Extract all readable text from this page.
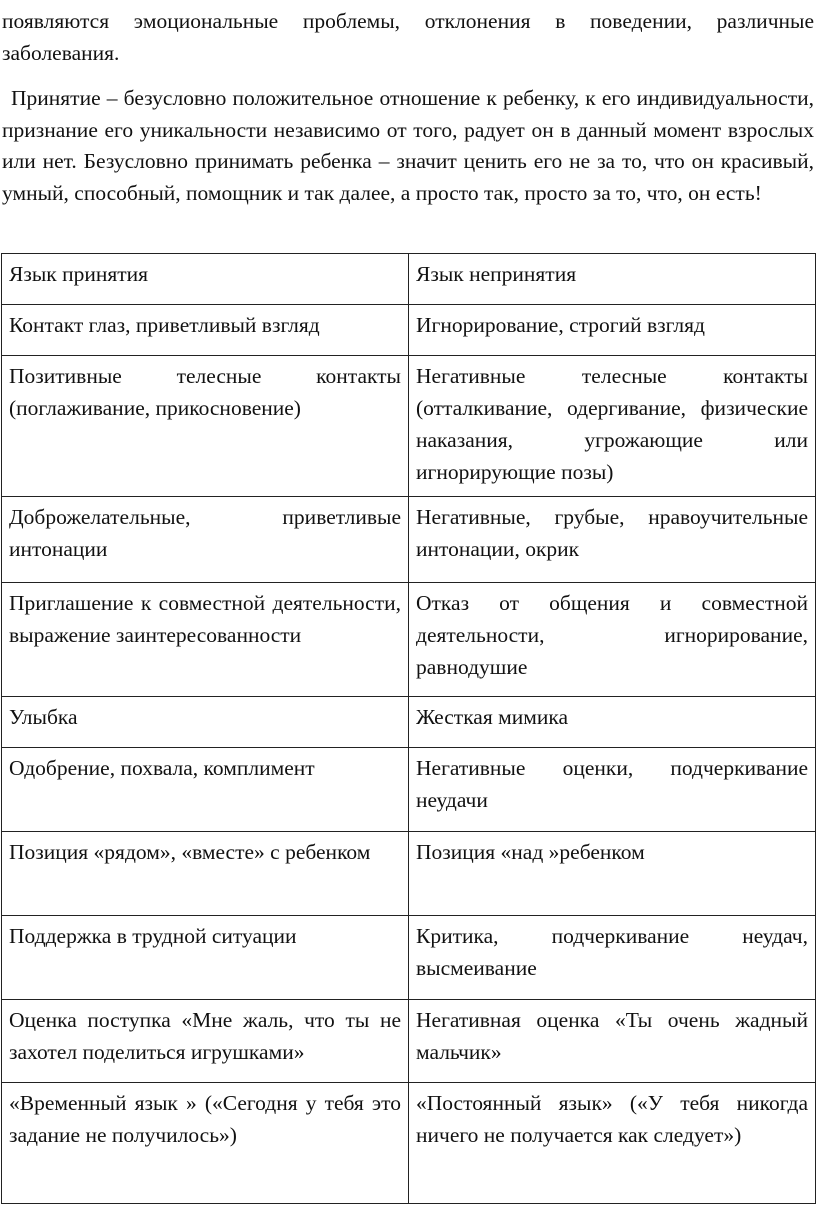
появляются эмоциональные проблемы, отклонения в поведении, различные заболевания.

Принятие – безусловно положительное отношение к ребенку, к его индивидуальности, признание его уникальности независимо от того, радует он в данный момент взрослых или нет. Безусловно принимать ребенка – значит ценить его не за то, что он красивый, умный, способный, помощник и так далее, а просто так, просто за то, что, он есть!

Язык принятия	Язык непринятия
Контакт глаз, приветливый взгляд	Игнорирование, строгий взгляд
Позитивные телесные контакты (поглаживание, прикосновение)	Негативные телесные контакты (отталкивание, одергивание, физические наказания, угрожающие или игнорирующие позы)
Доброжелательные, приветливые интонации	Негативные, грубые, нравоучительные интонации, окрик
Приглашение к совместной деятельности, выражение заинтересованности	Отказ от общения и совместной деятельности, игнорирование, равнодушие
Улыбка	Жесткая мимика
Одобрение, похвала, комплимент	Негативные оценки, подчеркивание неудачи
Позиция «рядом», «вместе» с ребенком	Позиция «над »ребенком
Поддержка в трудной ситуации	Критика, подчеркивание неудач, высмеивание
Оценка поступка «Мне жаль, что ты не захотел поделиться игрушками»	Негативная оценка «Ты очень жадный мальчик»
«Временный язык » («Сегодня у тебя это задание не получилось»)	«Постоянный язык» («У тебя никогда ничего не получается как следует»)
